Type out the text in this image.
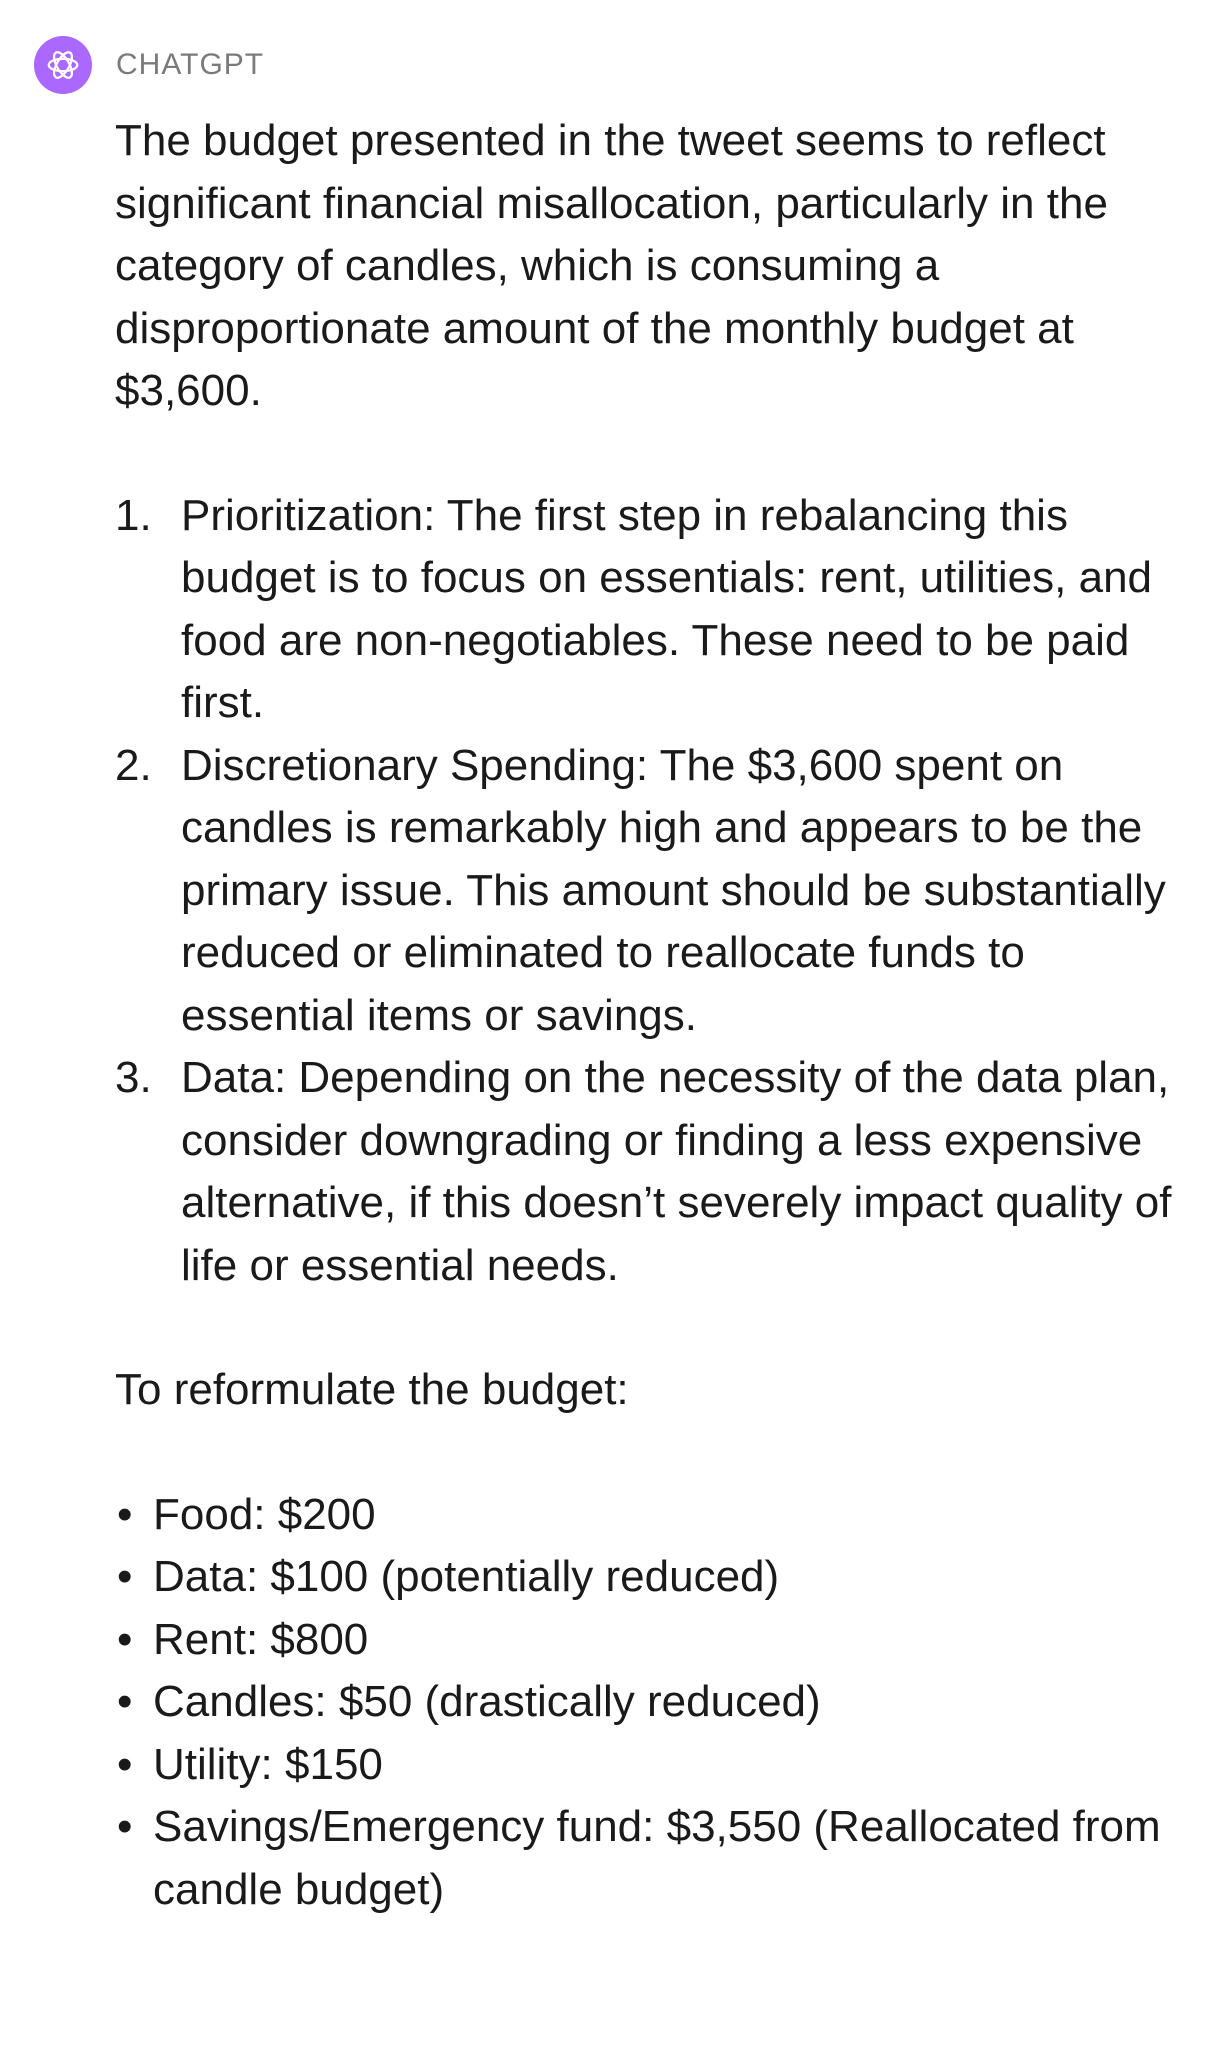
CHATGPT

The budget presented in the tweet seems to reflect significant financial misallocation, particularly in the category of candles, which is consuming a disproportionate amount of the monthly budget at $3,600.

1. Prioritization: The first step in rebalancing this budget is to focus on essentials: rent, utilities, and food are non-negotiables. These need to be paid first.
2. Discretionary Spending: The $3,600 spent on candles is remarkably high and appears to be the primary issue. This amount should be substantially reduced or eliminated to reallocate funds to essential items or savings.
3. Data: Depending on the necessity of the data plan, consider downgrading or finding a less expensive alternative, if this doesn’t severely impact quality of life or essential needs.

To reformulate the budget:

• Food: $200
• Data: $100 (potentially reduced)
• Rent: $800
• Candles: $50 (drastically reduced)
• Utility: $150
• Savings/Emergency fund: $3,550 (Reallocated from candle budget)
